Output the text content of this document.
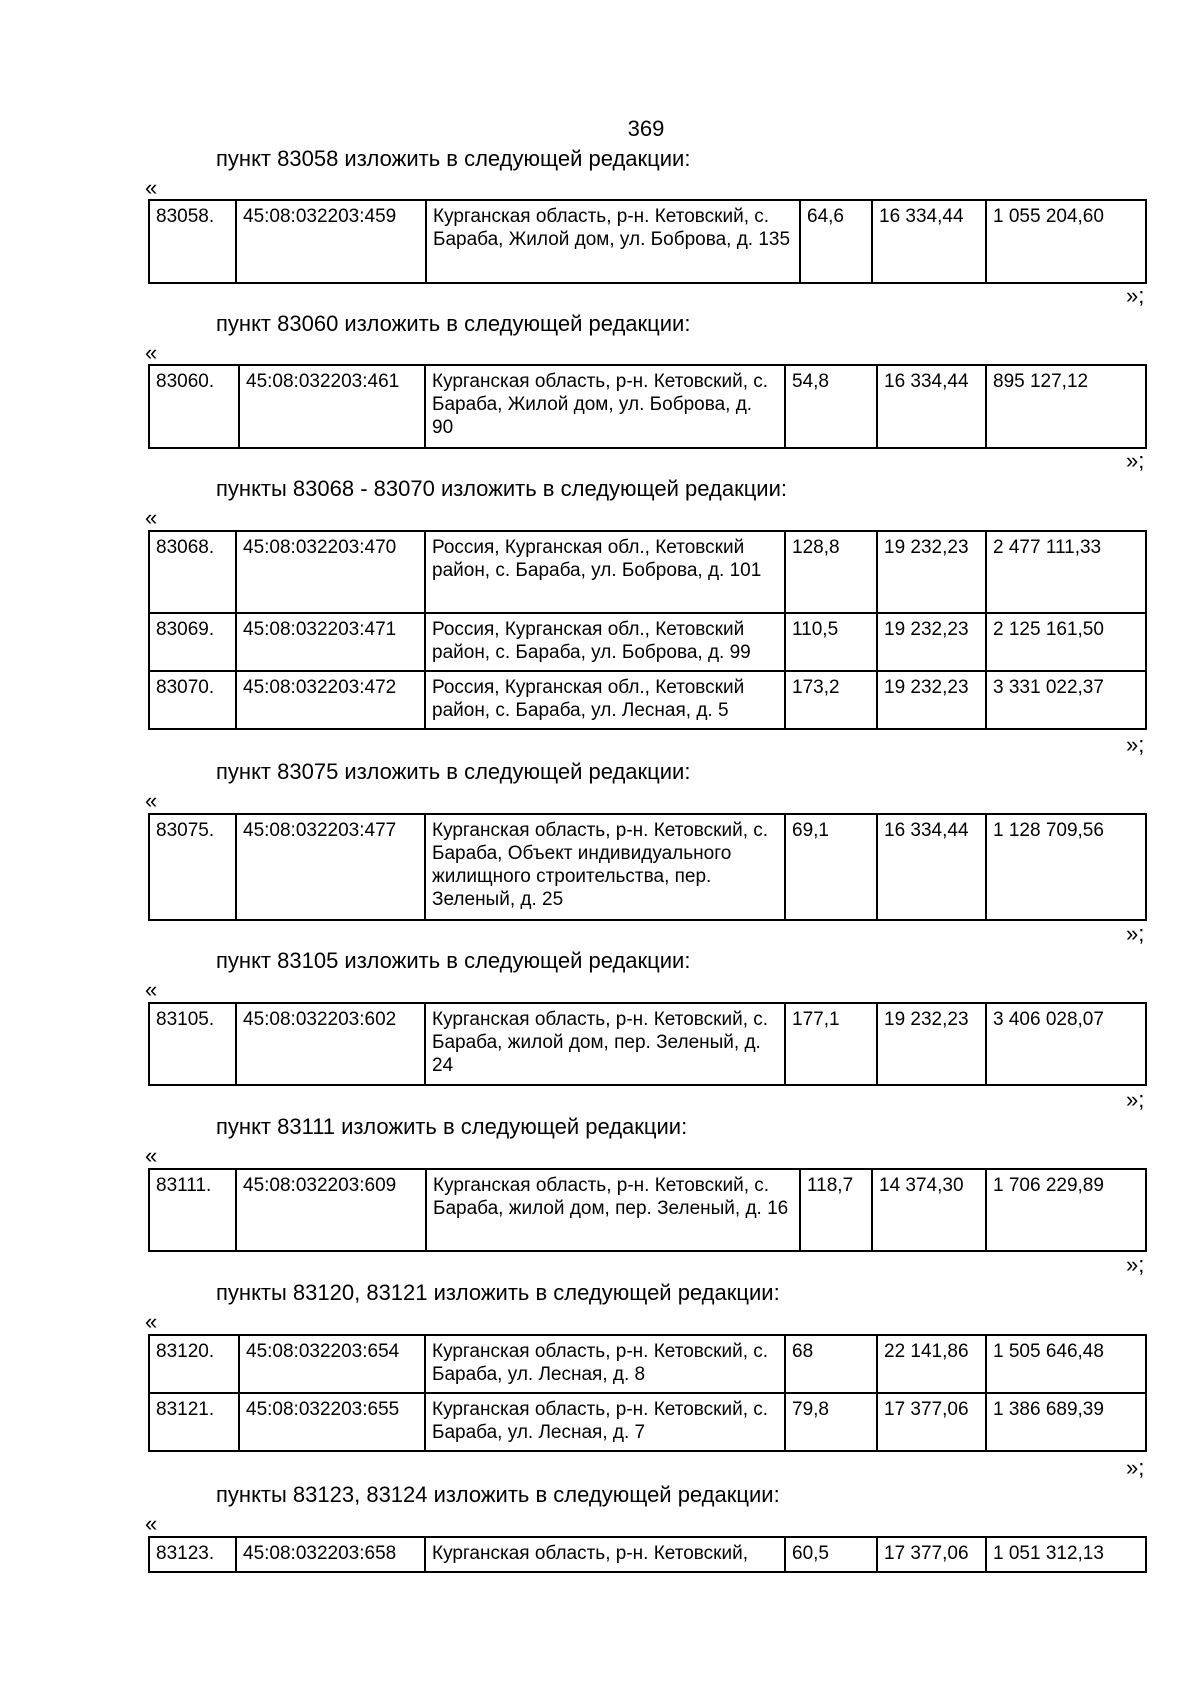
369
пункт 83058 изложить в следующей редакции:
«
83058.	45:08:032203:459	Курганская область, р-н. Кетовский, с. Бараба, Жилой дом, ул. Боброва, д. 135	64,6	16 334,44	1 055 204,60
»;
пункт 83060 изложить в следующей редакции:
«
83060.	45:08:032203:461	Курганская область, р-н. Кетовский, с. Бараба, Жилой дом, ул. Боброва, д. 90	54,8	16 334,44	895 127,12
»;
пункты 83068 - 83070 изложить в следующей редакции:
«
83068.	45:08:032203:470	Россия, Курганская обл., Кетовский район, с. Бараба, ул. Боброва, д. 101	128,8	19 232,23	2 477 111,33
83069.	45:08:032203:471	Россия, Курганская обл., Кетовский район, с. Бараба, ул. Боброва, д. 99	110,5	19 232,23	2 125 161,50
83070.	45:08:032203:472	Россия, Курганская обл., Кетовский район, с. Бараба, ул. Лесная, д. 5	173,2	19 232,23	3 331 022,37
»;
пункт 83075 изложить в следующей редакции:
«
83075.	45:08:032203:477	Курганская область, р-н. Кетовский, с. Бараба, Объект индивидуального жилищного строительства, пер. Зеленый, д. 25	69,1	16 334,44	1 128 709,56
»;
пункт 83105 изложить в следующей редакции:
«
83105.	45:08:032203:602	Курганская область, р-н. Кетовский, с. Бараба, жилой дом, пер. Зеленый, д. 24	177,1	19 232,23	3 406 028,07
»;
пункт 83111 изложить в следующей редакции:
«
83111.	45:08:032203:609	Курганская область, р-н. Кетовский, с. Бараба, жилой дом, пер. Зеленый, д. 16	118,7	14 374,30	1 706 229,89
»;
пункты 83120, 83121 изложить в следующей редакции:
«
83120.	45:08:032203:654	Курганская область, р-н. Кетовский, с. Бараба, ул. Лесная, д. 8	68	22 141,86	1 505 646,48
83121.	45:08:032203:655	Курганская область, р-н. Кетовский, с. Бараба, ул. Лесная, д. 7	79,8	17 377,06	1 386 689,39
»;
пункты 83123, 83124 изложить в следующей редакции:
«
83123.	45:08:032203:658	Курганская область, р-н. Кетовский,	60,5	17 377,06	1 051 312,13
